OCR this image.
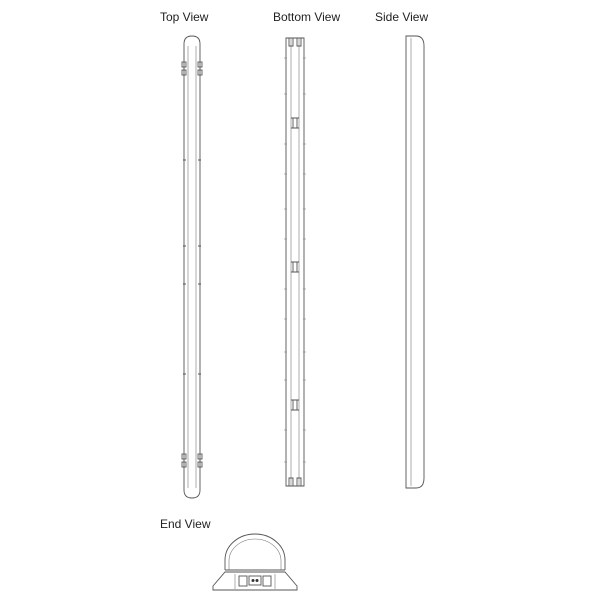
Top View	Bottom View	Side View
End View
